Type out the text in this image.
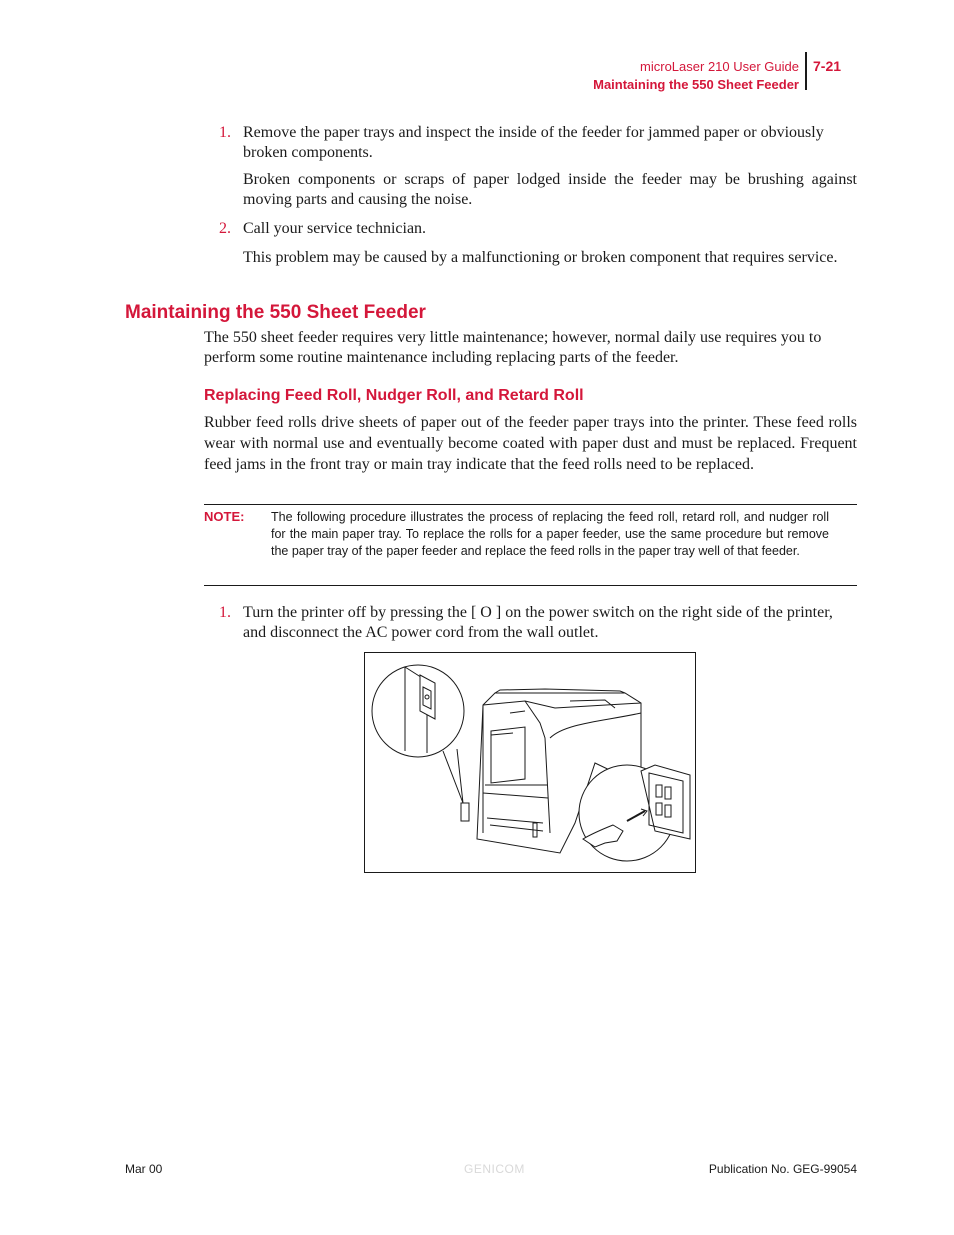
microLaser 210 User Guide
Maintaining the 550 Sheet Feeder
7-21
1. Remove the paper trays and inspect the inside of the feeder for jammed paper or obviously broken components.

Broken components or scraps of paper lodged inside the feeder may be brushing against moving parts and causing the noise.

2. Call your service technician.

This problem may be caused by a malfunctioning or broken component that requires service.

Maintaining the 550 Sheet Feeder

The 550 sheet feeder requires very little maintenance; however, normal daily use requires you to perform some routine maintenance including replacing parts of the feeder.

Replacing Feed Roll, Nudger Roll, and Retard Roll

Rubber feed rolls drive sheets of paper out of the feeder paper trays into the printer. These feed rolls wear with normal use and eventually become coated with paper dust and must be replaced. Frequent feed jams in the front tray or main tray indicate that the feed rolls need to be replaced.

NOTE: The following procedure illustrates the process of replacing the feed roll, retard roll, and nudger roll for the main paper tray. To replace the rolls for a paper feeder, use the same procedure but remove the paper tray of the paper feeder and replace the feed rolls in the paper tray well of that feeder.

1. Turn the printer off by pressing the [ O ] on the power switch on the right side of the printer, and disconnect the AC power cord from the wall outlet.

Mar 00	GENICOM	Publication No. GEG-99054
